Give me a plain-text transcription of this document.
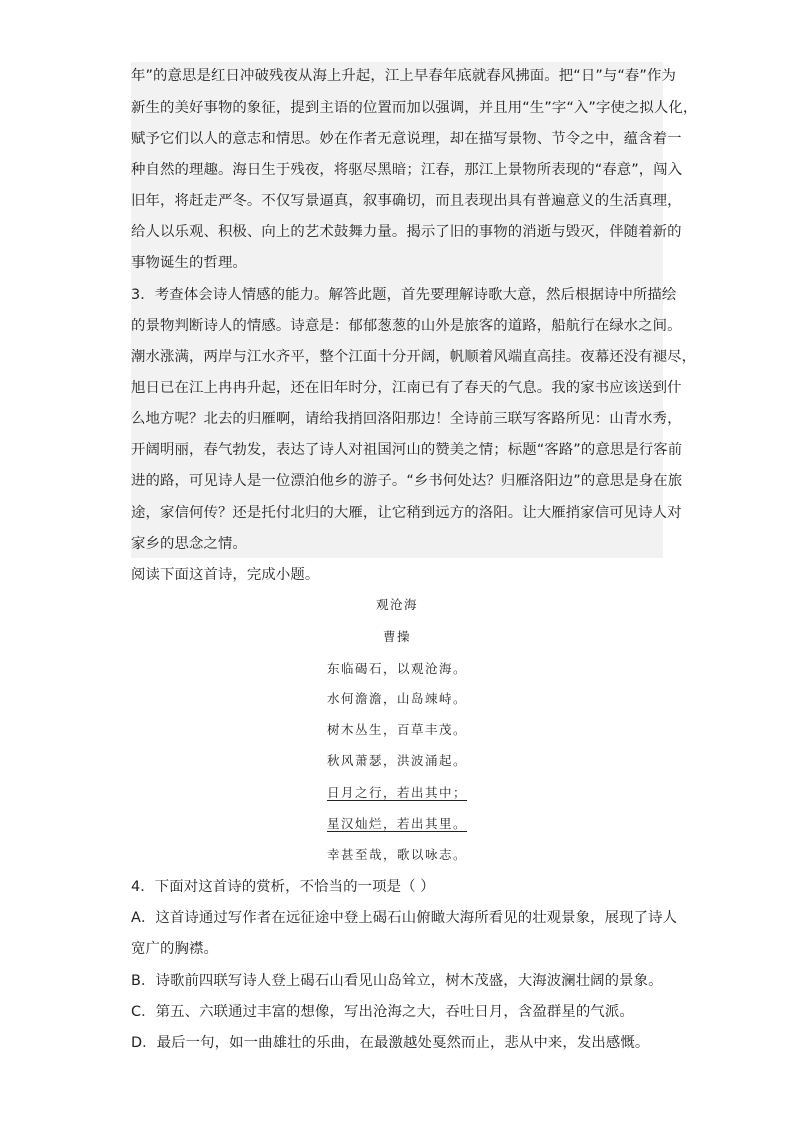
年”的意思是红日冲破残夜从海上升起，江上早春年底就春风拂面。把“日”与“春”作为
新生的美好事物的象征，提到主语的位置而加以强调，并且用“生”字“入”字使之拟人化，
赋予它们以人的意志和情思。妙在作者无意说理，却在描写景物、节令之中，蕴含着一
种自然的理趣。海日生于残夜，将驱尽黑暗；江春，那江上景物所表现的“春意”，闯入
旧年，将赶走严冬。不仅写景逼真，叙事确切，而且表现出具有普遍意义的生活真理，
给人以乐观、积极、向上的艺术鼓舞力量。揭示了旧的事物的消逝与毁灭，伴随着新的
事物诞生的哲理。
3．考查体会诗人情感的能力。解答此题，首先要理解诗歌大意，然后根据诗中所描绘
的景物判断诗人的情感。诗意是：郁郁葱葱的山外是旅客的道路，船航行在绿水之间。
潮水涨满，两岸与江水齐平，整个江面十分开阔，帆顺着风端直高挂。夜幕还没有褪尽，
旭日已在江上冉冉升起，还在旧年时分，江南已有了春天的气息。我的家书应该送到什
么地方呢？北去的归雁啊，请给我捎回洛阳那边！全诗前三联写客路所见：山青水秀，
开阔明丽，春气勃发，表达了诗人对祖国河山的赞美之情；标题“客路”的意思是行客前
进的路，可见诗人是一位漂泊他乡的游子。“乡书何处达？归雁洛阳边”的意思是身在旅
途，家信何传？还是托付北归的大雁，让它稍到远方的洛阳。让大雁捎家信可见诗人对
家乡的思念之情。
阅读下面这首诗，完成小题。
观沧海
曹操
东临碣石，以观沧海。
水何澹澹，山岛竦峙。
树木丛生，百草丰茂。
秋风萧瑟，洪波涌起。
日月之行，若出其中；
星汉灿烂，若出其里。
幸甚至哉，歌以咏志。
4．下面对这首诗的赏析，不恰当的一项是（ ）
A．这首诗通过写作者在远征途中登上碣石山俯瞰大海所看见的壮观景象，展现了诗人
宽广的胸襟。
B．诗歌前四联写诗人登上碣石山看见山岛耸立，树木茂盛，大海波澜壮阔的景象。
C．第五、六联通过丰富的想像，写出沧海之大，吞吐日月，含盈群星的气派。
D．最后一句，如一曲雄壮的乐曲，在最激越处戛然而止，悲从中来，发出感慨。
